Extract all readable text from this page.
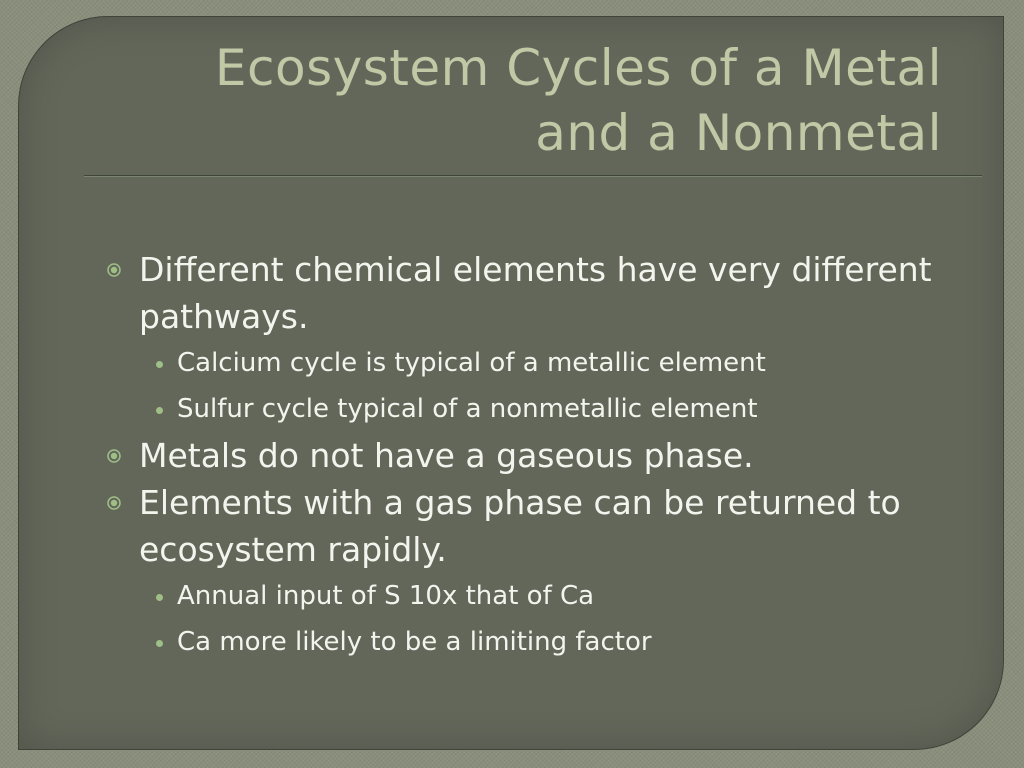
Ecosystem Cycles of a Metal
and a Nonmetal
Different chemical elements have very different pathways.
Calcium cycle is typical of a metallic element
Sulfur cycle typical of a nonmetallic element
Metals do not have a gaseous phase.
Elements with a gas phase can be returned to ecosystem rapidly.
Annual input of S 10x that of Ca
Ca more likely to be a limiting factor
